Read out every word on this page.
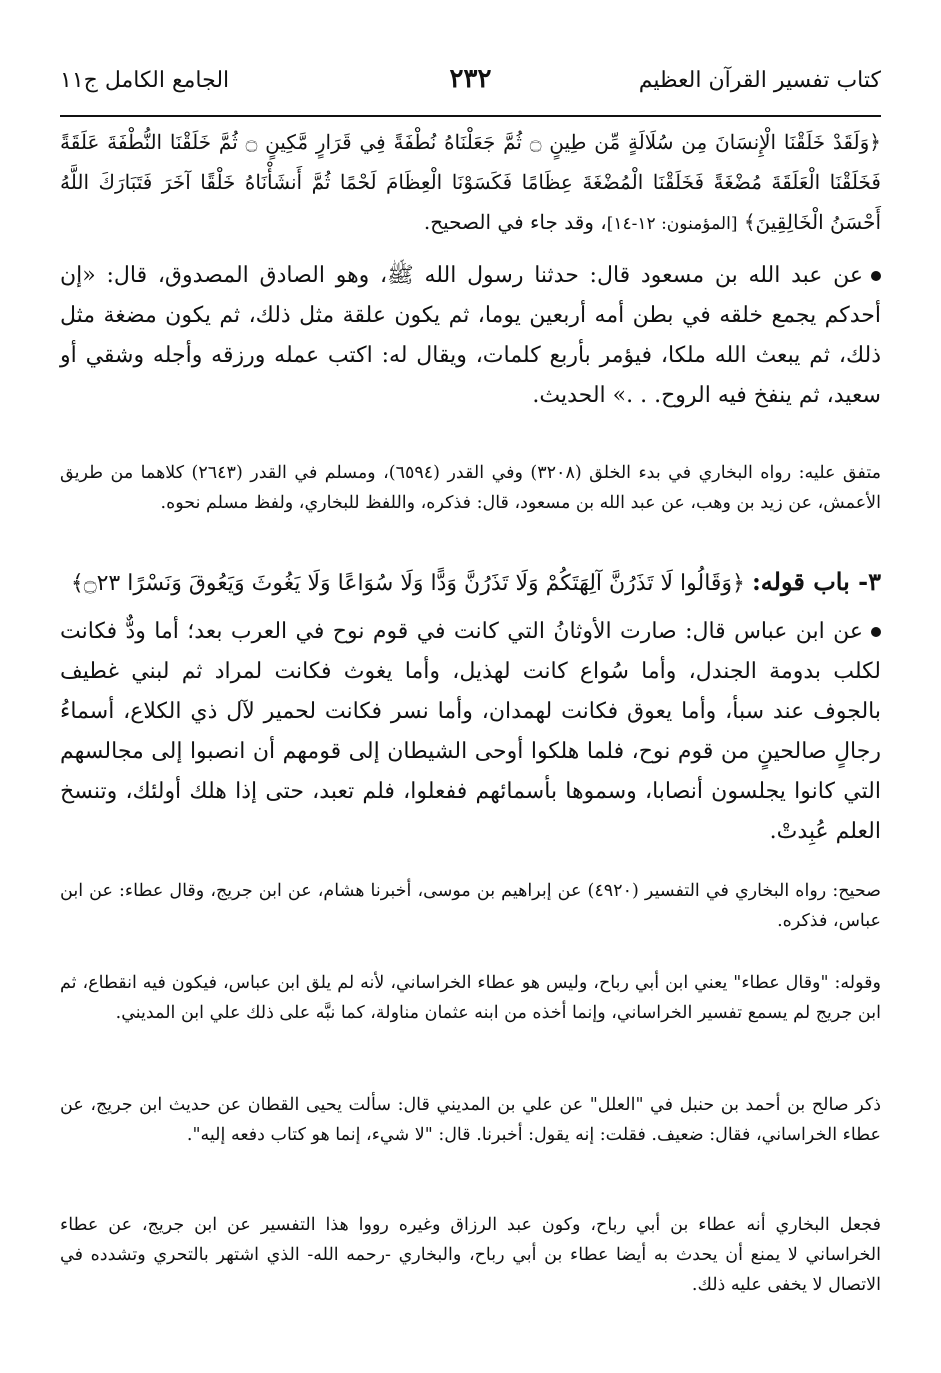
كتاب تفسير القرآن العظيم
٢٣٢
الجامع الكامل ج١١
﴿وَلَقَدْ خَلَقْنَا الْإِنسَانَ مِن سُلَالَةٍ مِّن طِينٍ ۝ ثُمَّ جَعَلْنَاهُ نُطْفَةً فِي قَرَارٍ مَّكِينٍ ۝ ثُمَّ خَلَقْنَا النُّطْفَةَ عَلَقَةً فَخَلَقْنَا الْعَلَقَةَ مُضْغَةً فَخَلَقْنَا الْمُضْغَةَ عِظَامًا فَكَسَوْنَا الْعِظَامَ لَحْمًا ثُمَّ أَنشَأْنَاهُ خَلْقًا آخَرَ فَتَبَارَكَ اللَّهُ أَحْسَنُ الْخَالِقِينَ﴾ [المؤمنون: ١٢-١٤]، وقد جاء في الصحيح.
عن عبد الله بن مسعود قال: حدثنا رسول الله ﷺ، وهو الصادق المصدوق، قال: «إن أحدكم يجمع خلقه في بطن أمه أربعين يوما، ثم يكون علقة مثل ذلك، ثم يكون مضغة مثل ذلك، ثم يبعث الله ملكا، فيؤمر بأربع كلمات، ويقال له: اكتب عمله ورزقه وأجله وشقي أو سعيد، ثم ينفخ فيه الروح. . .» الحديث.
متفق عليه: رواه البخاري في بدء الخلق (٣٢٠٨) وفي القدر (٦٥٩٤)، ومسلم في القدر (٢٦٤٣) كلاهما من طريق الأعمش، عن زيد بن وهب، عن عبد الله بن مسعود، قال: فذكره، واللفظ للبخاري، ولفظ مسلم نحوه.
٣- باب قوله: ﴿وَقَالُوا لَا تَذَرُنَّ آلِهَتَكُمْ وَلَا تَذَرُنَّ وَدًّا وَلَا سُوَاعًا وَلَا يَغُوثَ وَيَعُوقَ وَنَسْرًا ۝٢٣﴾
عن ابن عباس قال: صارت الأوثانُ التي كانت في قوم نوح في العرب بعد؛ أما ودٌّ فكانت لكلب بدومة الجندل، وأما سُواع كانت لهذيل، وأما يغوث فكانت لمراد ثم لبني غطيف بالجوف عند سبأ، وأما يعوق فكانت لهمدان، وأما نسر فكانت لحمير لآل ذي الكلاع، أسماءُ رجالٍ صالحينٍ من قوم نوح، فلما هلكوا أوحى الشيطان إلى قومهم أن انصبوا إلى مجالسهم التي كانوا يجلسون أنصابا، وسموها بأسمائهم ففعلوا، فلم تعبد، حتى إذا هلك أولئك، وتنسخ العلم عُبِدتْ.
صحيح: رواه البخاري في التفسير (٤٩٢٠) عن إبراهيم بن موسى، أخبرنا هشام، عن ابن جريج، وقال عطاء: عن ابن عباس، فذكره.
وقوله: "وقال عطاء" يعني ابن أبي رباح، وليس هو عطاء الخراساني، لأنه لم يلق ابن عباس، فيكون فيه انقطاع، ثم ابن جريج لم يسمع تفسير الخراساني، وإنما أخذه من ابنه عثمان مناولة، كما نبَّه على ذلك علي ابن المديني.
ذكر صالح بن أحمد بن حنبل في "العلل" عن علي بن المديني قال: سألت يحيى القطان عن حديث ابن جريج، عن عطاء الخراساني، فقال: ضعيف. فقلت: إنه يقول: أخبرنا. قال: "لا شيء، إنما هو كتاب دفعه إليه".
فجعل البخاري أنه عطاء بن أبي رباح، وكون عبد الرزاق وغيره رووا هذا التفسير عن ابن جريج، عن عطاء الخراساني لا يمنع أن يحدث به أيضا عطاء بن أبي رباح، والبخاري -رحمه الله- الذي اشتهر بالتحري وتشدده في الاتصال لا يخفى عليه ذلك.
